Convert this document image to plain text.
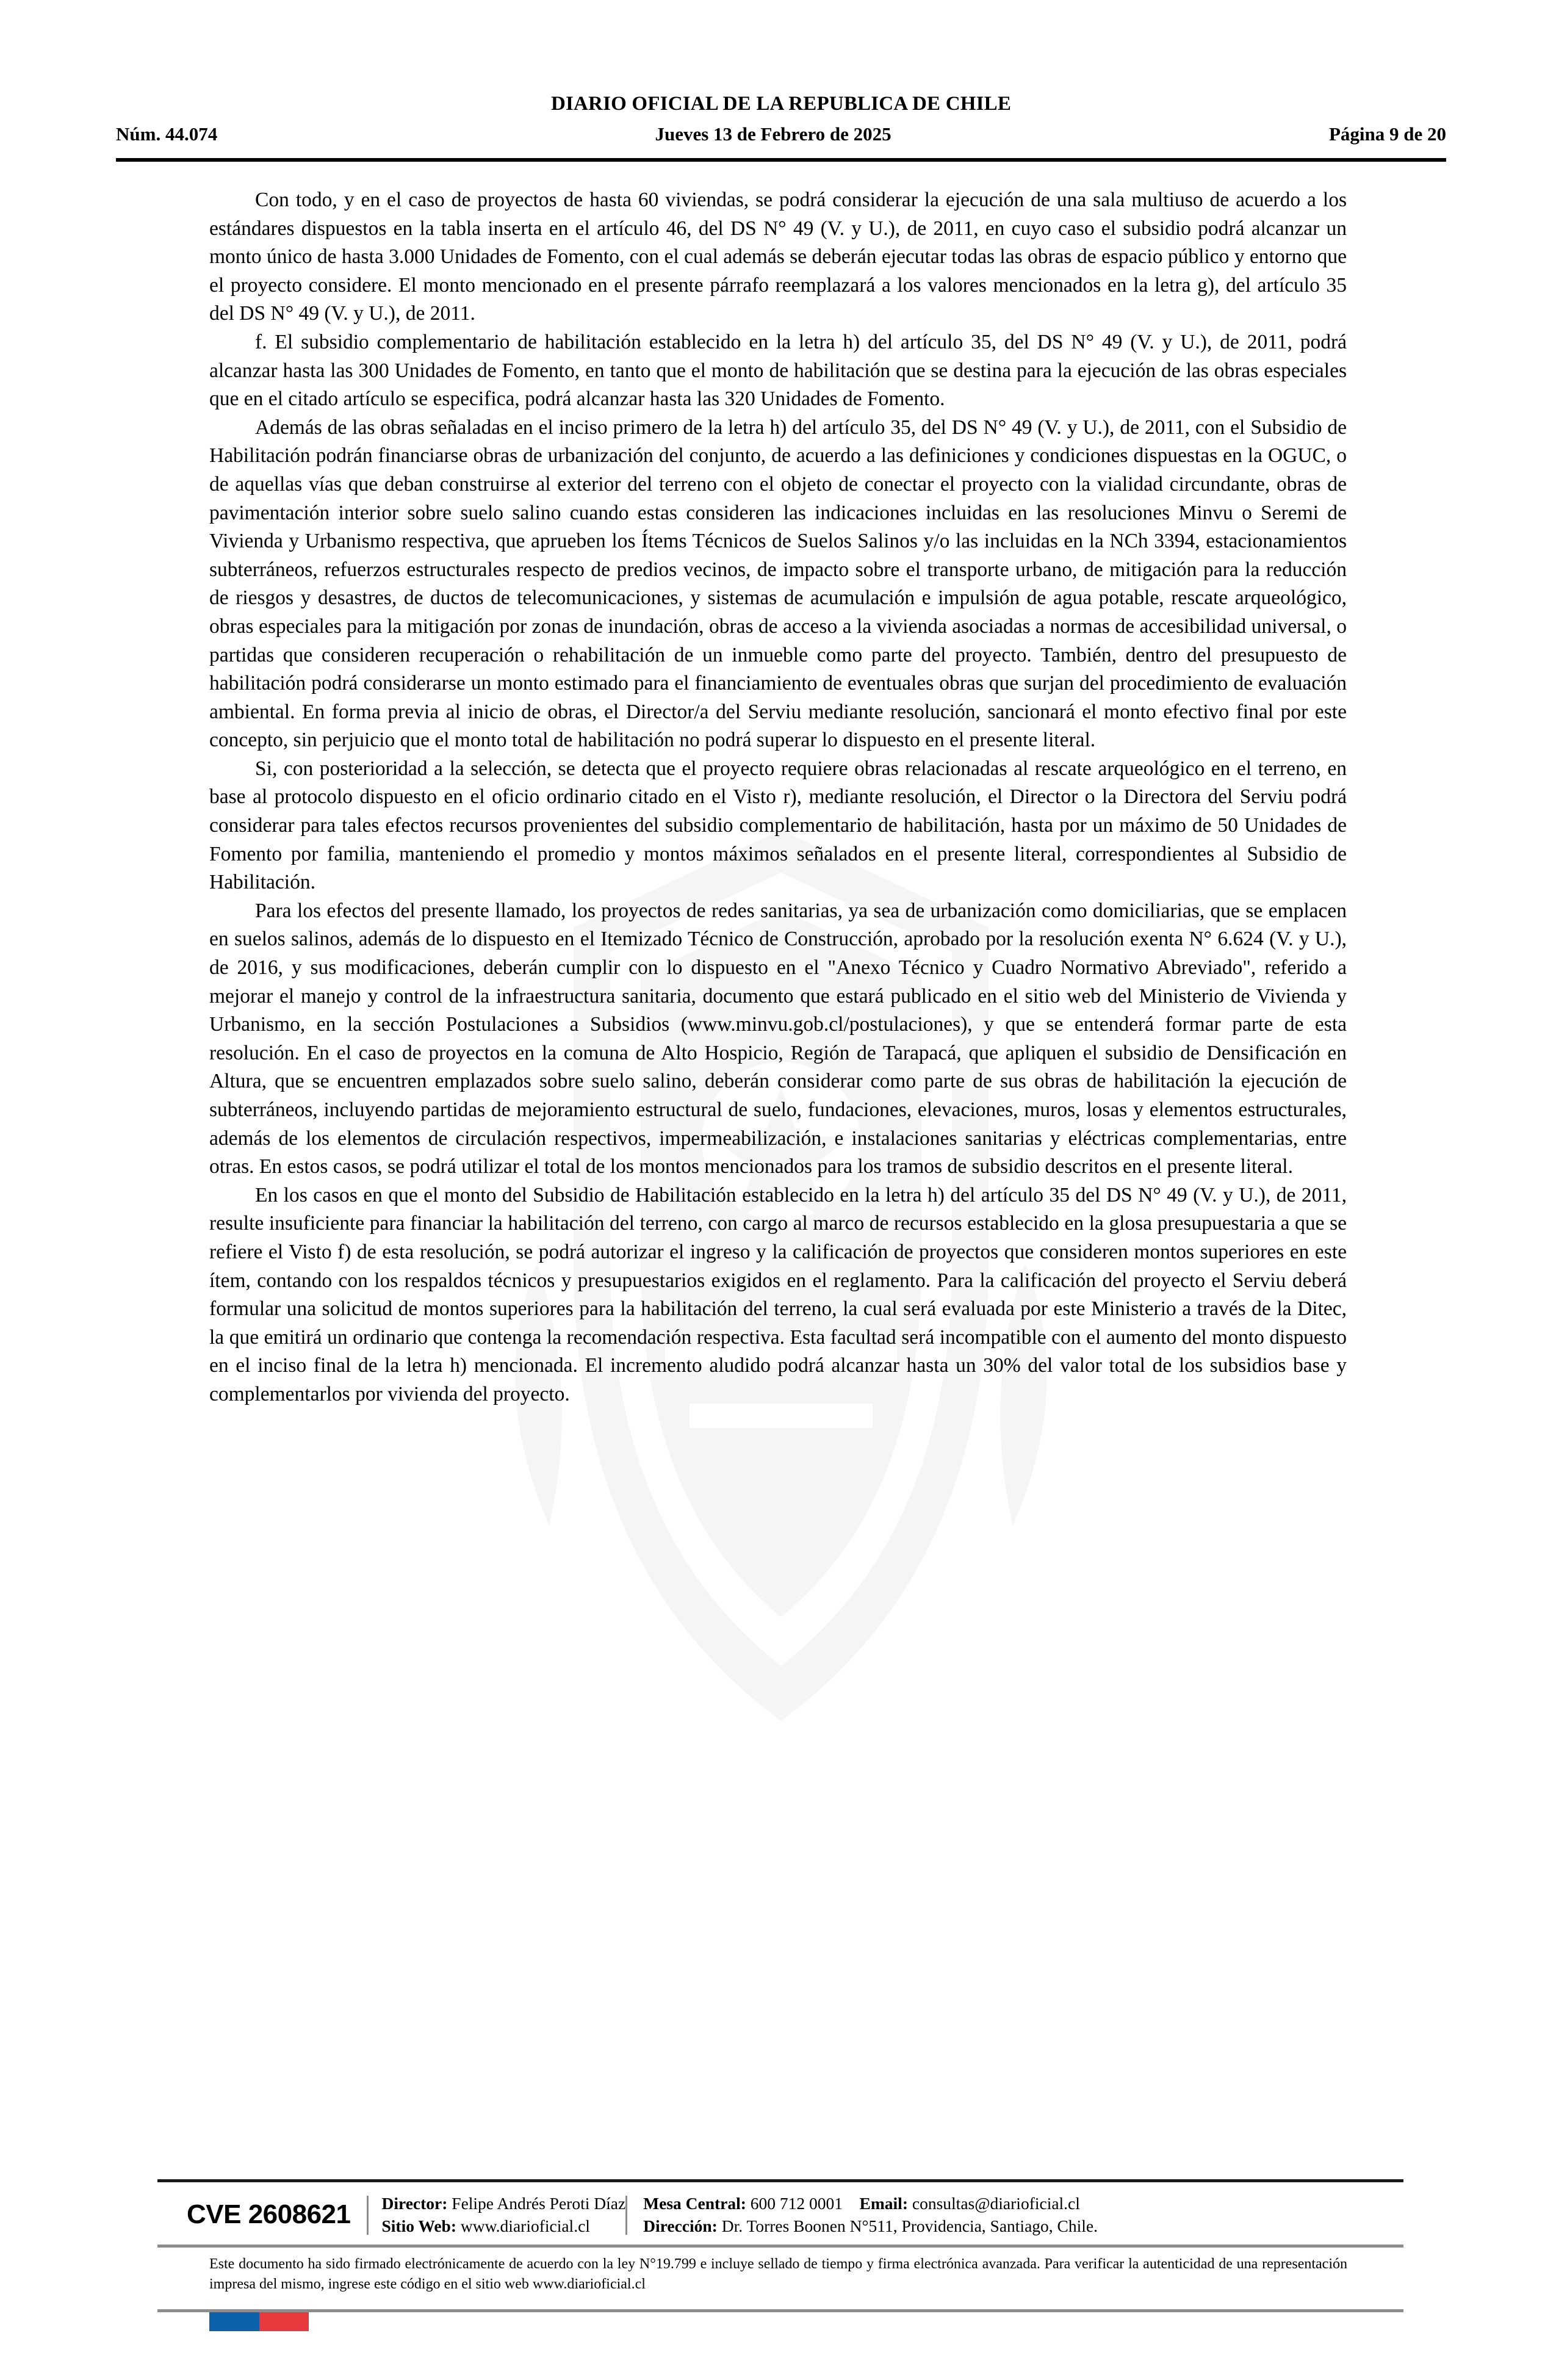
DIARIO OFICIAL DE LA REPUBLICA DE CHILE
Núm. 44.074	Jueves 13 de Febrero de 2025	Página 9 de 20

Con todo, y en el caso de proyectos de hasta 60 viviendas, se podrá considerar la ejecución de una sala multiuso de acuerdo a los estándares dispuestos en la tabla inserta en el artículo 46, del DS N° 49 (V. y U.), de 2011, en cuyo caso el subsidio podrá alcanzar un monto único de hasta 3.000 Unidades de Fomento, con el cual además se deberán ejecutar todas las obras de espacio público y entorno que el proyecto considere. El monto mencionado en el presente párrafo reemplazará a los valores mencionados en la letra g), del artículo 35 del DS N° 49 (V. y U.), de 2011.

f. El subsidio complementario de habilitación establecido en la letra h) del artículo 35, del DS N° 49 (V. y U.), de 2011, podrá alcanzar hasta las 300 Unidades de Fomento, en tanto que el monto de habilitación que se destina para la ejecución de las obras especiales que en el citado artículo se especifica, podrá alcanzar hasta las 320 Unidades de Fomento.

Además de las obras señaladas en el inciso primero de la letra h) del artículo 35, del DS N° 49 (V. y U.), de 2011, con el Subsidio de Habilitación podrán financiarse obras de urbanización del conjunto, de acuerdo a las definiciones y condiciones dispuestas en la OGUC, o de aquellas vías que deban construirse al exterior del terreno con el objeto de conectar el proyecto con la vialidad circundante, obras de pavimentación interior sobre suelo salino cuando estas consideren las indicaciones incluidas en las resoluciones Minvu o Seremi de Vivienda y Urbanismo respectiva, que aprueben los Ítems Técnicos de Suelos Salinos y/o las incluidas en la NCh 3394, estacionamientos subterráneos, refuerzos estructurales respecto de predios vecinos, de impacto sobre el transporte urbano, de mitigación para la reducción de riesgos y desastres, de ductos de telecomunicaciones, y sistemas de acumulación e impulsión de agua potable, rescate arqueológico, obras especiales para la mitigación por zonas de inundación, obras de acceso a la vivienda asociadas a normas de accesibilidad universal, o partidas que consideren recuperación o rehabilitación de un inmueble como parte del proyecto. También, dentro del presupuesto de habilitación podrá considerarse un monto estimado para el financiamiento de eventuales obras que surjan del procedimiento de evaluación ambiental. En forma previa al inicio de obras, el Director/a del Serviu mediante resolución, sancionará el monto efectivo final por este concepto, sin perjuicio que el monto total de habilitación no podrá superar lo dispuesto en el presente literal.

Si, con posterioridad a la selección, se detecta que el proyecto requiere obras relacionadas al rescate arqueológico en el terreno, en base al protocolo dispuesto en el oficio ordinario citado en el Visto r), mediante resolución, el Director o la Directora del Serviu podrá considerar para tales efectos recursos provenientes del subsidio complementario de habilitación, hasta por un máximo de 50 Unidades de Fomento por familia, manteniendo el promedio y montos máximos señalados en el presente literal, correspondientes al Subsidio de Habilitación.

Para los efectos del presente llamado, los proyectos de redes sanitarias, ya sea de urbanización como domiciliarias, que se emplacen en suelos salinos, además de lo dispuesto en el Itemizado Técnico de Construcción, aprobado por la resolución exenta N° 6.624 (V. y U.), de 2016, y sus modificaciones, deberán cumplir con lo dispuesto en el "Anexo Técnico y Cuadro Normativo Abreviado", referido a mejorar el manejo y control de la infraestructura sanitaria, documento que estará publicado en el sitio web del Ministerio de Vivienda y Urbanismo, en la sección Postulaciones a Subsidios (www.minvu.gob.cl/postulaciones), y que se entenderá formar parte de esta resolución. En el caso de proyectos en la comuna de Alto Hospicio, Región de Tarapacá, que apliquen el subsidio de Densificación en Altura, que se encuentren emplazados sobre suelo salino, deberán considerar como parte de sus obras de habilitación la ejecución de subterráneos, incluyendo partidas de mejoramiento estructural de suelo, fundaciones, elevaciones, muros, losas y elementos estructurales, además de los elementos de circulación respectivos, impermeabilización, e instalaciones sanitarias y eléctricas complementarias, entre otras. En estos casos, se podrá utilizar el total de los montos mencionados para los tramos de subsidio descritos en el presente literal.

En los casos en que el monto del Subsidio de Habilitación establecido en la letra h) del artículo 35 del DS N° 49 (V. y U.), de 2011, resulte insuficiente para financiar la habilitación del terreno, con cargo al marco de recursos establecido en la glosa presupuestaria a que se refiere el Visto f) de esta resolución, se podrá autorizar el ingreso y la calificación de proyectos que consideren montos superiores en este ítem, contando con los respaldos técnicos y presupuestarios exigidos en el reglamento. Para la calificación del proyecto el Serviu deberá formular una solicitud de montos superiores para la habilitación del terreno, la cual será evaluada por este Ministerio a través de la Ditec, la que emitirá un ordinario que contenga la recomendación respectiva. Esta facultad será incompatible con el aumento del monto dispuesto en el inciso final de la letra h) mencionada. El incremento aludido podrá alcanzar hasta un 30% del valor total de los subsidios base y complementarlos por vivienda del proyecto.

CVE 2608621	Director: Felipe Andrés Peroti Díaz
Sitio Web: www.diarioficial.cl
Mesa Central: 600 712 0001 Email: consultas@diarioficial.cl
Dirección: Dr. Torres Boonen N°511, Providencia, Santiago, Chile.
Este documento ha sido firmado electrónicamente de acuerdo con la ley N°19.799 e incluye sellado de tiempo y firma electrónica avanzada. Para verificar la autenticidad de una representación impresa del mismo, ingrese este código en el sitio web www.diarioficial.cl
